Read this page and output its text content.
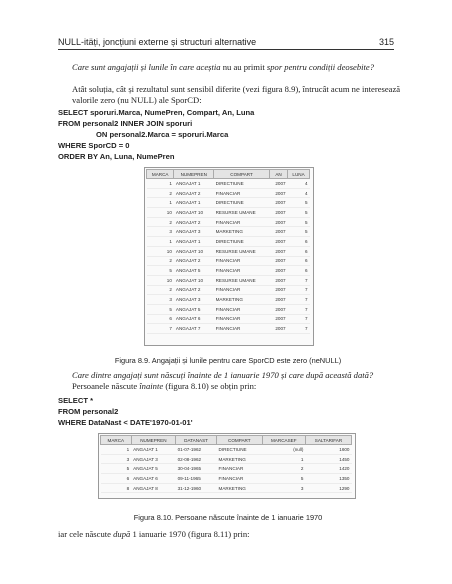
NULL-itäți, joncțiuni externe și structuri alternative	315
Care sunt angajații și lunile în care aceștia nu au primit spor pentru condiții deosebite?
Atât soluția, cât și rezultatul sunt sensibil diferite (vezi figura 8.9), întrucât acum ne interesează valorile zero (nu NULL) ale SporCD:
SELECT sporuri.Marca, NumePren, Compart, An, Luna
FROM personal2 INNER JOIN sporuri
ON personal2.Marca = sporuri.Marca
WHERE SporCD = 0
ORDER BY An, Luna, NumePren
MARCA	NUMEPREN	COMPART	AN	LUNA
1	ANGAJAT 1	DIRECTIUNE	2007	4
2	ANGAJAT 2	FINANCIAR	2007	4
1	ANGAJAT 1	DIRECTIUNE	2007	5
10	ANGAJAT 10	RESURSE UMANE	2007	5
2	ANGAJAT 2	FINANCIAR	2007	5
3	ANGAJAT 3	MARKETING	2007	5
1	ANGAJAT 1	DIRECTIUNE	2007	6
10	ANGAJAT 10	RESURSE UMANE	2007	6
2	ANGAJAT 2	FINANCIAR	2007	6
5	ANGAJAT 5	FINANCIAR	2007	6
10	ANGAJAT 10	RESURSE UMANE	2007	7
2	ANGAJAT 2	FINANCIAR	2007	7
3	ANGAJAT 3	MARKETING	2007	7
5	ANGAJAT 5	FINANCIAR	2007	7
6	ANGAJAT 6	FINANCIAR	2007	7
7	ANGAJAT 7	FINANCIAR	2007	7
Figura 8.9. Angajații și lunile pentru care SporCD este zero (neNULL)
Care dintre angajați sunt născuți înainte de 1 ianuarie 1970 și care după această dată?
Persoanele născute înainte (figura 8.10) se obțin prin:
SELECT *
FROM personal2
WHERE DataNast < DATE'1970-01-01'
MARCA	NUMEPREN	DATANAST	COMPART	MARCASEF	SALTARIFAR
1	ANGAJAT 1	01-07-1962	DIRECTIUNE	(null)	1600
3	ANGAJAT 3	02-08-1962	MARKETING	1	1450
5	ANGAJAT 5	30-04-1965	FINANCIAR	2	1420
6	ANGAJAT 6	09-11-1965	FINANCIAR	5	1350
8	ANGAJAT 8	31-12-1960	MARKETING	3	1290
Figura 8.10. Persoane născute înainte de 1 ianuarie 1970
iar cele născute după 1 ianuarie 1970 (figura 8.11) prin:
